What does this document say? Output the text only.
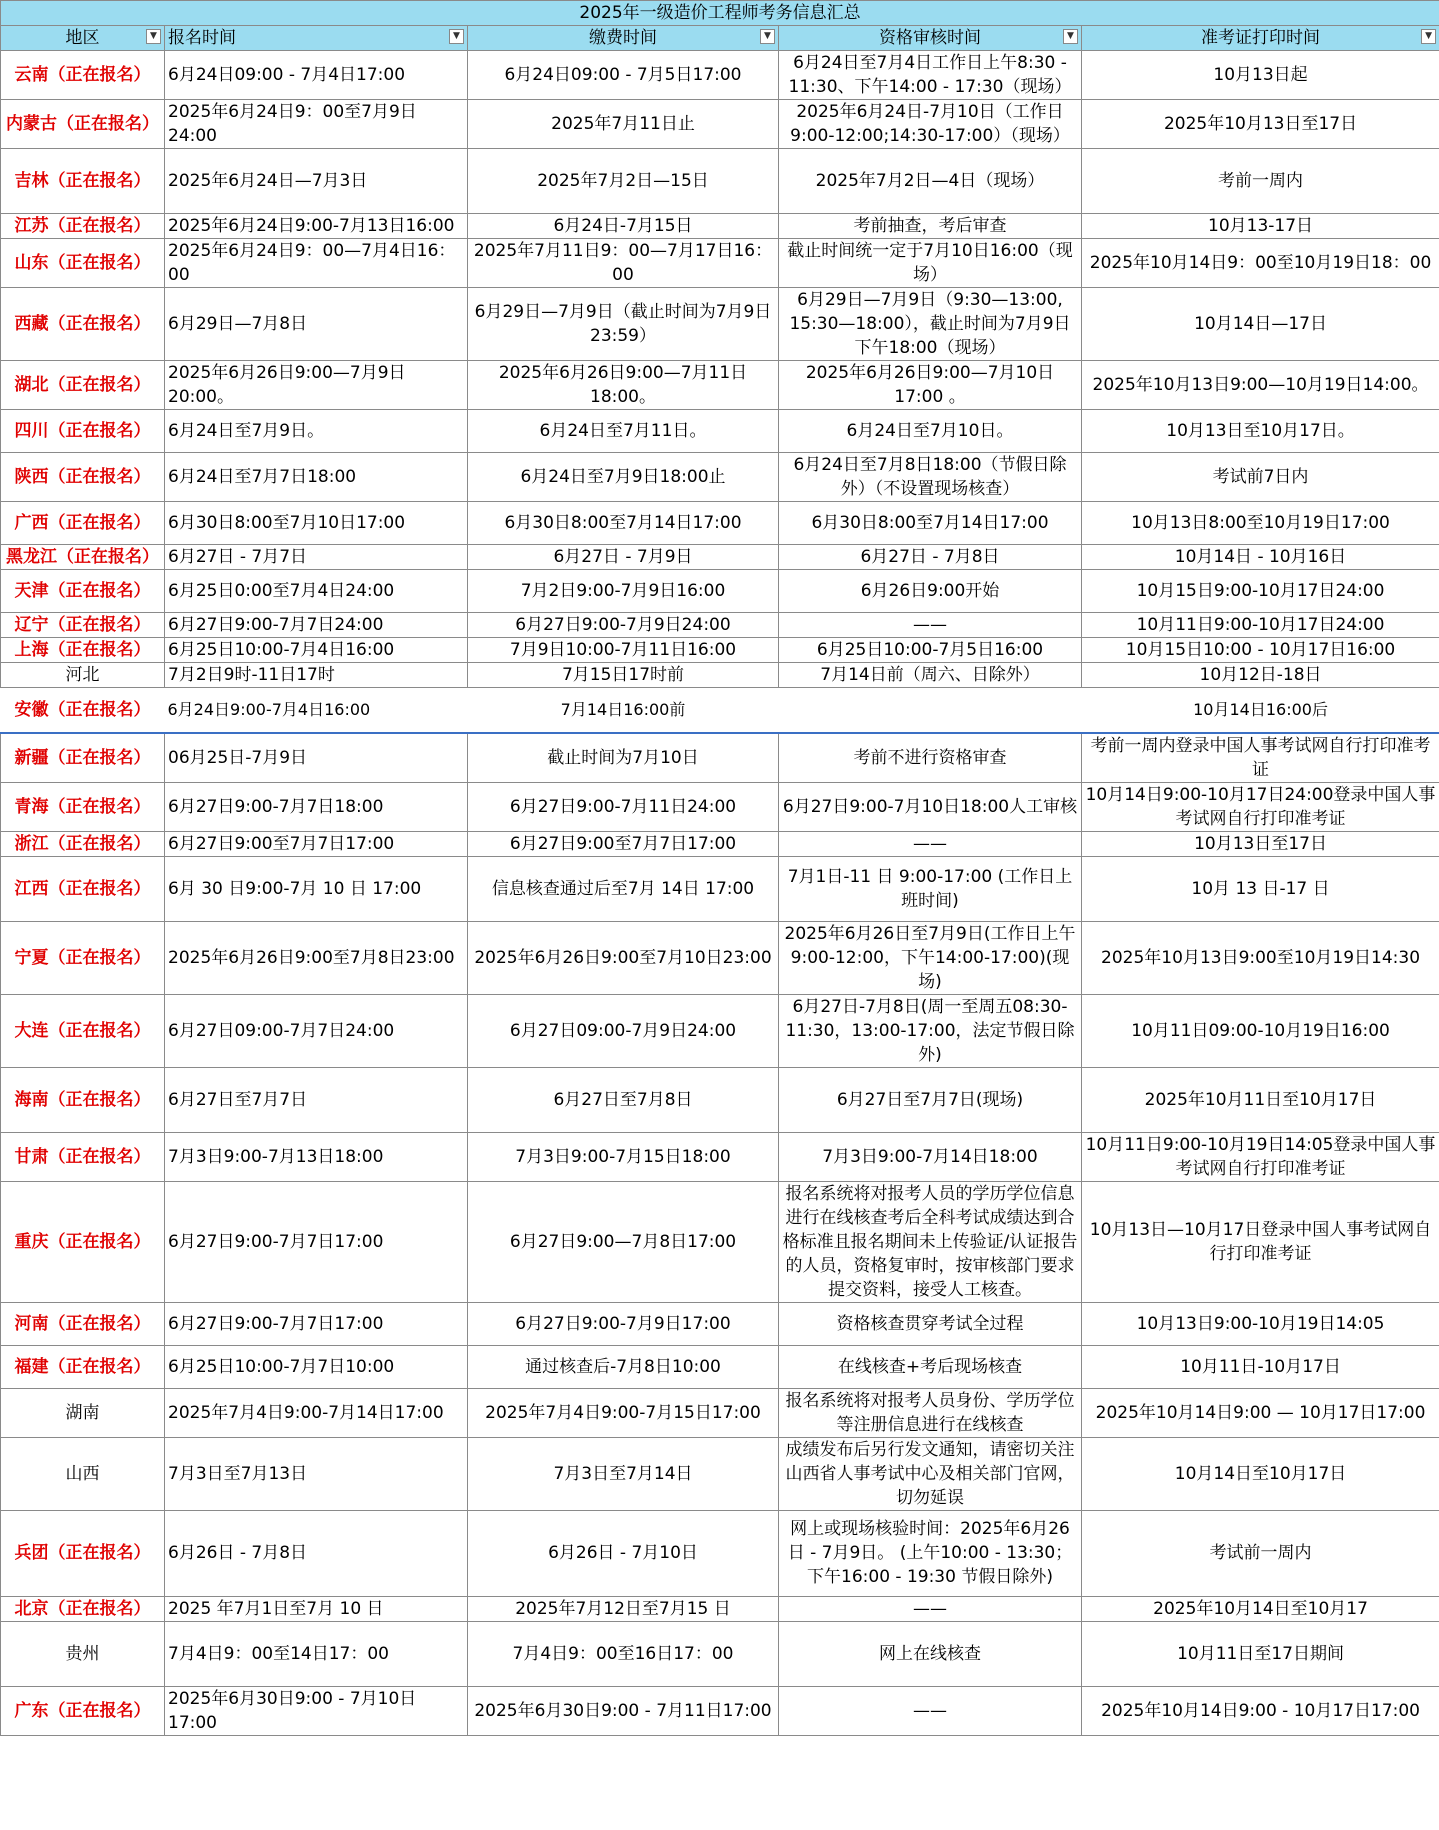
2025年一级造价工程师考务信息汇总				
地区 ▼	报名时间 ▼	缴费时间 ▼	资格审核时间 ▼	准考证打印时间 ▼

云南（正在报名）	6月24日09:00 - 7月4日17:00	6月24日09:00 - 7月5日17:00	6月24日至7月4日工作日上午8:30 - 11:30、下午14:00 - 17:30（现场）	10月13日起
内蒙古（正在报名）	2025年6月24日9：00至7月9日24:00	2025年7月11日止	2025年6月24日-7月10日（工作日 9:00-12:00;14:30-17:00）（现场）	2025年10月13日至17日
吉林（正在报名）	2025年6月24日—7月3日	2025年7月2日—15日	2025年7月2日—4日（现场）	考前一周内
江苏（正在报名）	2025年6月24日9:00-7月13日16:00	6月24日-7月15日	考前抽查，考后审查	10月13-17日
山东（正在报名）	2025年6月24日9：00—7月4日16：00	2025年7月11日9：00—7月17日16：00	截止时间统一定于7月10日16:00（现场）	2025年10月14日9：00至10月19日18：00
西藏（正在报名）	6月29日—7月8日	6月29日—7月9日（截止时间为7月9日 23:59）	6月29日—7月9日（9:30—13:00, 15:30—18:00），截止时间为7月9日下午18:00（现场）	10月14日—17日
湖北（正在报名）	2025年6月26日9:00—7月9日20:00。	2025年6月26日9:00—7月11日18:00。	2025年6月26日9:00—7月10日17:00 。	2025年10月13日9:00—10月19日14:00。
四川（正在报名）	6月24日至7月9日。	6月24日至7月11日。	6月24日至7月10日。	10月13日至10月17日。
陕西（正在报名）	6月24日至7月7日18:00	6月24日至7月9日18:00止	6月24日至7月8日18:00（节假日除外）（不设置现场核查）	考试前7日内
广西（正在报名）	6月30日8:00至7月10日17:00	6月30日8:00至7月14日17:00	6月30日8:00至7月14日17:00	10月13日8:00至10月19日17:00
黑龙江（正在报名）	6月27日 - 7月7日	6月27日 - 7月9日	6月27日 - 7月8日	10月14日 - 10月16日
天津（正在报名）	6月25日0:00至7月4日24:00	7月2日9:00-7月9日16:00	6月26日9:00开始	10月15日9:00-10月17日24:00
辽宁（正在报名）	6月27日9:00-7月7日24:00	6月27日9:00-7月9日24:00	——	10月11日9:00-10月17日24:00
上海（正在报名）	6月25日10:00-7月4日16:00	7月9日10:00-7月11日16:00	6月25日10:00-7月5日16:00	10月15日10:00 - 10月17日16:00
河北	7月2日9时-11日17时	7月15日17时前	7月14日前（周六、日除外）	10月12日-18日
安徽（正在报名）	6月24日9:00-7月4日16:00	7月14日16:00前		10月14日16:00后
新疆（正在报名）	06月25日-7月9日	截止时间为7月10日	考前不进行资格审查	考前一周内登录中国人事考试网自行打印准考证
青海（正在报名）	6月27日9:00-7月7日18:00	6月27日9:00-7月11日24:00	6月27日9:00-7月10日18:00人工审核	10月14日9:00-10月17日24:00登录中国人事考试网自行打印准考证
浙江（正在报名）	6月27日9:00至7月7日17:00	6月27日9:00至7月7日17:00	——	10月13日至17日
江西（正在报名）	6月 30 日9:00-7月 10 日 17:00	信息核查通过后至7月 14日 17:00	7月1日-11 日 9:00-17:00 (工作日上班时间)	10月 13 日-17 日
宁夏（正在报名）	2025年6月26日9:00至7月8日23:00	2025年6月26日9:00至7月10日23:00	2025年6月26日至7月9日(工作日上午 9:00-12:00，下午14:00-17:00)(现场)	2025年10月13日9:00至10月19日14:30
大连（正在报名）	6月27日09:00-7月7日24:00	6月27日09:00-7月9日24:00	6月27日-7月8日(周一至周五08:30- 11:30，13:00-17:00，法定节假日除外)	10月11日09:00-10月19日16:00
海南（正在报名）	6月27日至7月7日	6月27日至7月8日	6月27日至7月7日(现场)	2025年10月11日至10月17日
甘肃（正在报名）	7月3日9:00-7月13日18:00	7月3日9:00-7月15日18:00	7月3日9:00-7月14日18:00	10月11日9:00-10月19日14:05登录中国人事考试网自行打印准考证
重庆（正在报名）	6月27日9:00-7月7日17:00	6月27日9:00—7月8日17:00	报名系统将对报考人员的学历学位信息进行在线核查考后全科考试成绩达到合格标准且报名期间未上传验证/认证报告的人员，资格复审时，按审核部门要求提交资料，接受人工核查。	10月13日—10月17日登录中国人事考试网自行打印准考证
河南（正在报名）	6月27日9:00-7月7日17:00	6月27日9:00-7月9日17:00	资格核查贯穿考试全过程	10月13日9:00-10月19日14:05
福建（正在报名）	6月25日10:00-7月7日10:00	通过核查后-7月8日10:00	在线核查+考后现场核查	10月11日-10月17日
湖南	2025年7月4日9:00-7月14日17:00	2025年7月4日9:00-7月15日17:00	报名系统将对报考人员身份、学历学位等注册信息进行在线核查	2025年10月14日9:00 — 10月17日17:00
山西	7月3日至7月13日	7月3日至7月14日	成绩发布后另行发文通知，请密切关注山西省人事考试中心及相关部门官网，切勿延误	10月14日至10月17日
兵团（正在报名）	6月26日 - 7月8日	6月26日 - 7月10日	网上或现场核验时间：2025年6月26日 - 7月9日。 (上午10:00 - 13:30；下午16:00 - 19:30 节假日除外)	考试前一周内
北京（正在报名）	2025 年7月1日至7月 10 日	2025年7月12日至7月15 日	——	2025年10月14日至10月17
贵州	7月4日9：00至14日17：00	7月4日9：00至16日17：00	网上在线核查	10月11日至17日期间
广东（正在报名）	2025年6月30日9:00 - 7月10日17:00	2025年6月30日9:00 - 7月11日17:00	——	2025年10月14日9:00 - 10月17日17:00
